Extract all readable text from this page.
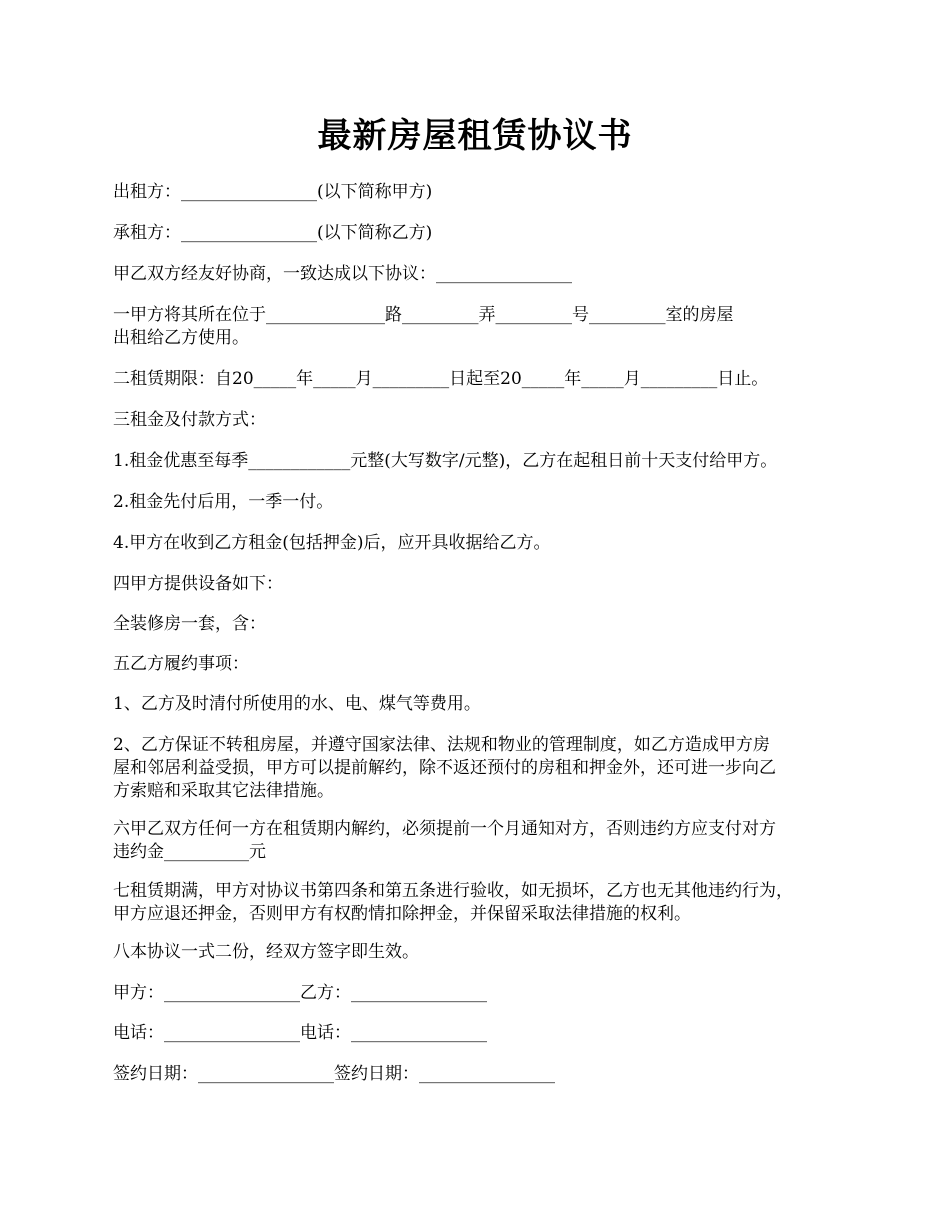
最新房屋租赁协议书
出租方：________________(以下简称甲方)
承租方：________________(以下简称乙方)
甲乙双方经友好协商，一致达成以下协议：________________
一甲方将其所在位于______________路_________弄_________号_________室的房屋
出租给乙方使用。
二租赁期限：自20_____年_____月_________日起至20_____年_____月_________日止。
三租金及付款方式：
1.租金优惠至每季____________元整(大写数字/元整)，乙方在起租日前十天支付给甲方。
2.租金先付后用，一季一付。
4.甲方在收到乙方租金(包括押金)后，应开具收据给乙方。
四甲方提供设备如下：
全装修房一套，含：
五乙方履约事项：
1、乙方及时清付所使用的水、电、煤气等费用。
2、乙方保证不转租房屋，并遵守国家法律、法规和物业的管理制度，如乙方造成甲方房
屋和邻居利益受损，甲方可以提前解约，除不返还预付的房租和押金外，还可进一步向乙
方索赔和采取其它法律措施。
六甲乙双方任何一方在租赁期内解约，必须提前一个月通知对方，否则违约方应支付对方
违约金__________元
七租赁期满，甲方对协议书第四条和第五条进行验收，如无损坏，乙方也无其他违约行为，
甲方应退还押金，否则甲方有权酌情扣除押金，并保留采取法律措施的权利。
八本协议一式二份，经双方签字即生效。
甲方：________________乙方：________________
电话：________________电话：________________
签约日期：________________签约日期：________________
